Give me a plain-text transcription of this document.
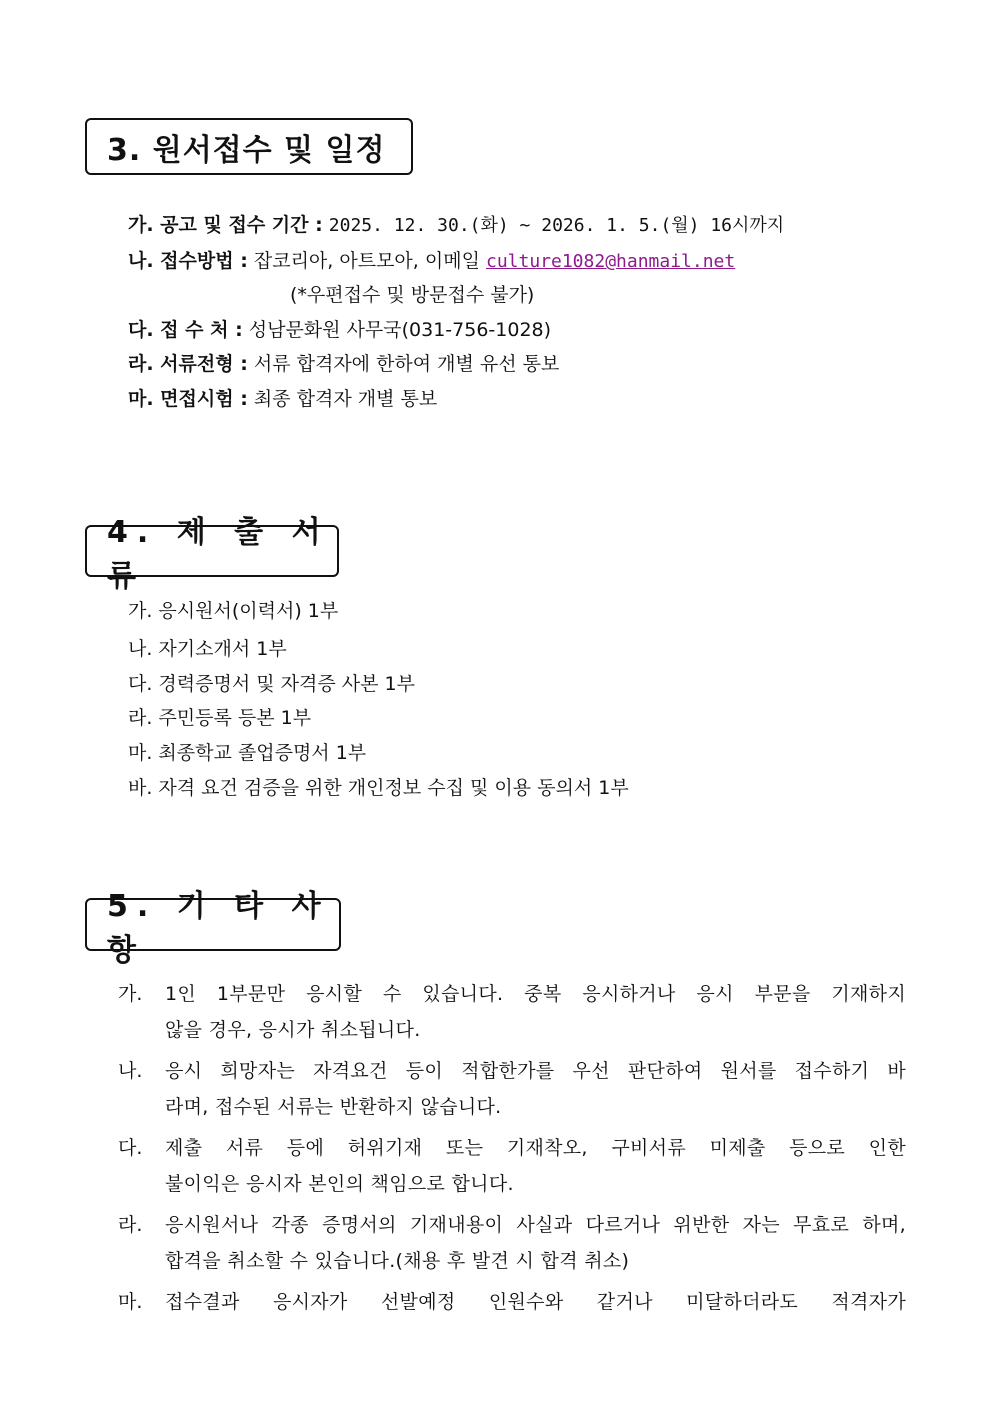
3. 원서접수 및 일정
가. 공고 및 접수 기간 : 2025. 12. 30.(화) ~ 2026. 1. 5.(월) 16시까지
나. 접수방법 : 잡코리아, 아트모아, 이메일 culture1082@hanmail.net
(*우편접수 및 방문접수 불가)
다. 접 수 처 : 성남문화원 사무국(031-756-1028)
라. 서류전형 : 서류 합격자에 한하여 개별 유선 통보
마. 면접시험 : 최종 합격자 개별 통보
4. 제 출 서 류
가. 응시원서(이력서) 1부
나. 자기소개서 1부
다. 경력증명서 및 자격증 사본 1부
라. 주민등록 등본 1부
마. 최종학교 졸업증명서 1부
바. 자격 요건 검증을 위한 개인정보 수집 및 이용 동의서 1부
5. 기 타 사 항
가. 1인 1부문만 응시할 수 있습니다. 중복 응시하거나 응시 부문을 기재하지
않을 경우, 응시가 취소됩니다.
나. 응시 희망자는 자격요건 등이 적합한가를 우선 판단하여 원서를 접수하기 바
라며, 접수된 서류는 반환하지 않습니다.
다. 제출 서류 등에 허위기재 또는 기재착오, 구비서류 미제출 등으로 인한
불이익은 응시자 본인의 책임으로 합니다.
라. 응시원서나 각종 증명서의 기재내용이 사실과 다르거나 위반한 자는 무효로 하며,
합격을 취소할 수 있습니다.(채용 후 발견 시 합격 취소)
마. 접수결과 응시자가 선발예정 인원수와 같거나 미달하더라도 적격자가
